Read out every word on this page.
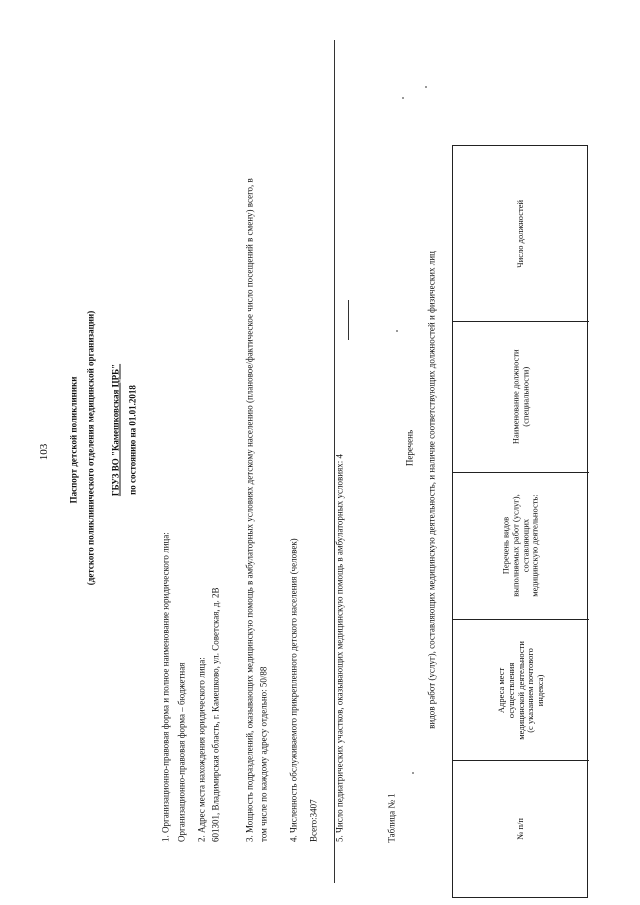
103 Паспорт детской поликлиники (детского поликлинического отделения медицинской организации) ГБУЗ ВО "Камешковская ЦРБ" по состоянию на 01.01.2018
1. Организационно-правовая форма и полное наименование юридического лица: Организационно-правовая форма – бюджетная 2. Адрес места нахождения юридического лица: 601301, Владимирская область, г. Камешково, ул. Советская, д. 2В	3. Мощность подразделений, оказывающих медицинскую помощь в амбулаторных условиях детскому населению (плановое/фактическое число посещений в смену) всего, в том числе по каждому адресу отдельно: 50/88 4. Численность обслуживаемого прикрепленного детского населения (человек) Всего:3407 5. Число педиатрических участков, оказывающих медицинскую помощь в амбулаторных условиях: 4	Таблица № 1
Перечень видов работ (услуг), составляющих медицинскую деятельность, и наличие соответствующих должностей и физических лиц
Число должностей
Наименование должности
(специальности)
Перечень видов
выполняемых работ (услуг),
составляющих
медицинскую деятельность:
Адреса мест
осуществления
медицинской деятельности
(с указанием почтового
индекса)
№ п/п
